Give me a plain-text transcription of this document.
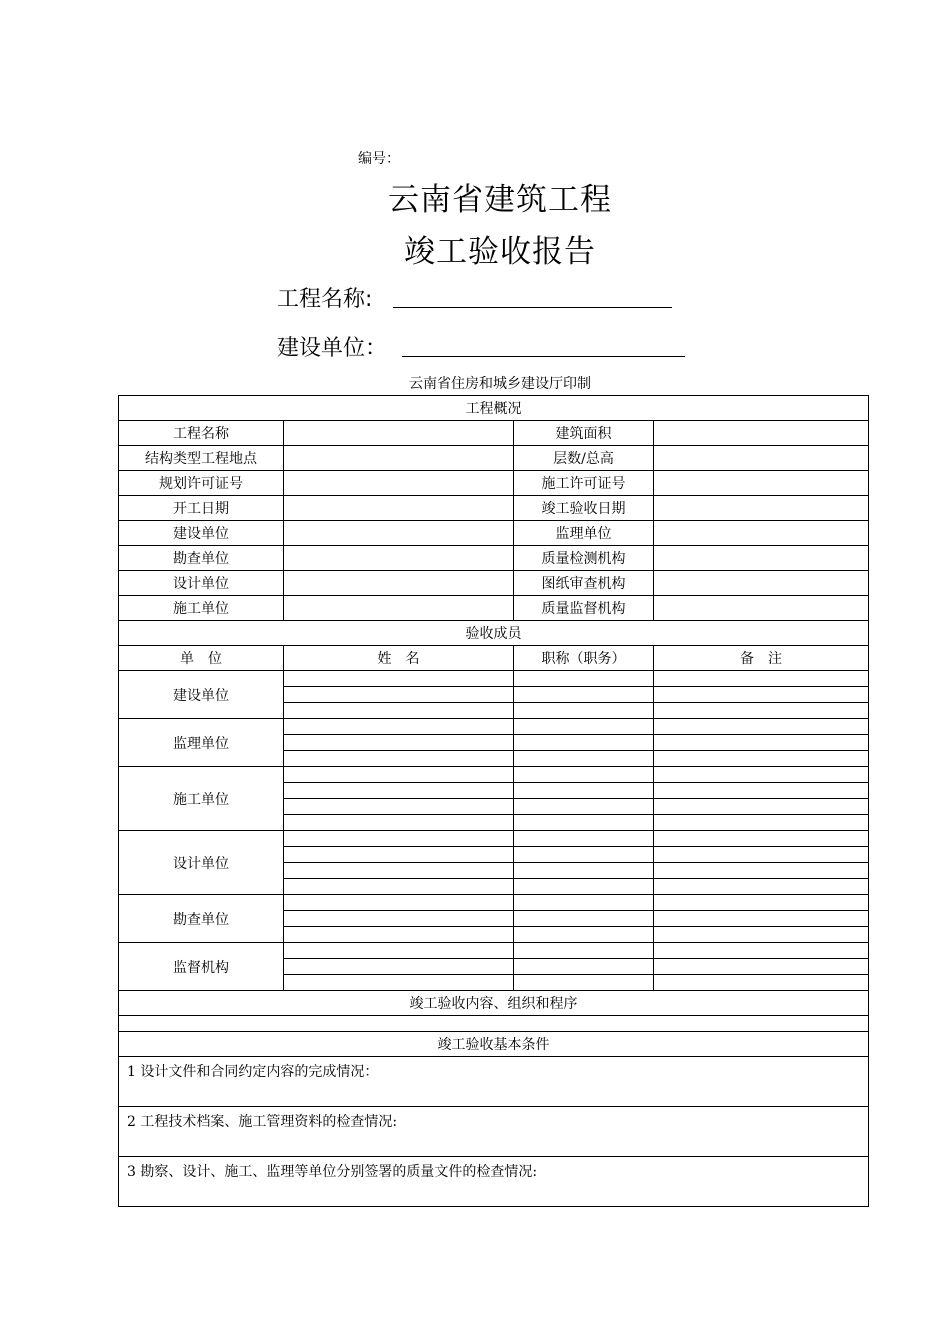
编号：
云南省建筑工程
竣工验收报告
工程名称:
建设单位：
云南省住房和城乡建设厅印制
工程概况			
工程名称		建筑面积	
结构类型工程地点		层数/总高	
规划许可证号		施工许可证号	
开工日期		竣工验收日期	
建设单位		监理单位	
勘查单位		质量检测机构	
设计单位		图纸审查机构	
施工单位		质量监督机构	
验收成员			
单　位	姓　名	职称（职务）	备　注
建设单位			

监理单位			

施工单位			

设计单位			

勘查单位			

监督机构			

竣工验收内容、组织和程序			

竣工验收基本条件			
1 设计文件和合同约定内容的完成情况：			
2 工程技术档案、施工管理资料的检查情况:			
3 勘察、设计、施工、监理等单位分别签署的质量文件的检查情况:			
